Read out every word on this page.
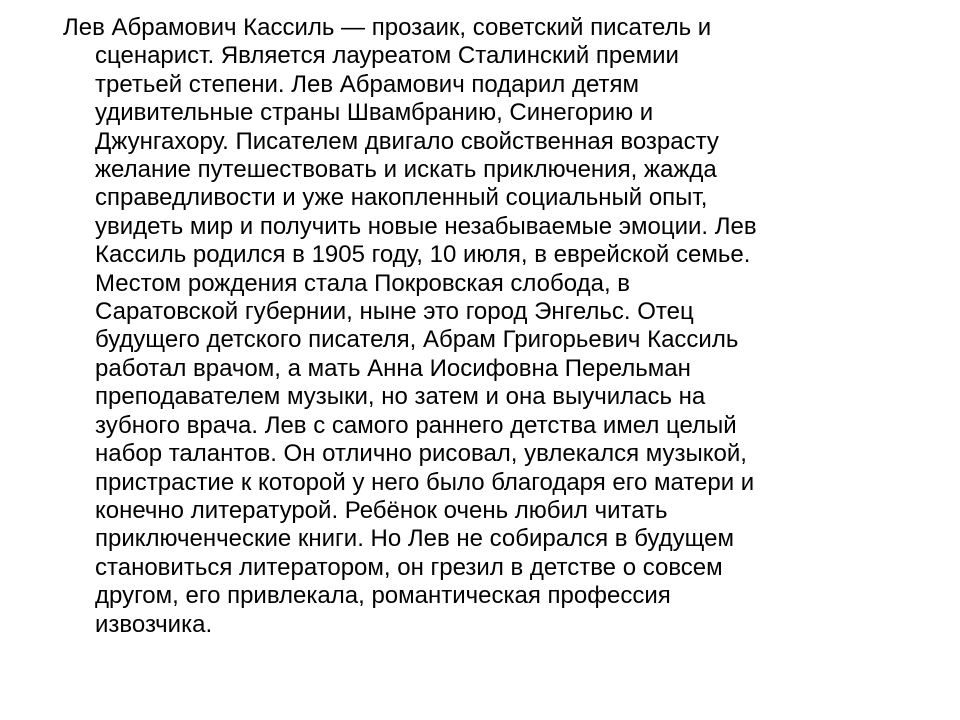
Лев Абрамович Кассиль — прозаик, советский писатель и
сценарист. Является лауреатом Сталинский премии
третьей степени. Лев Абрамович подарил детям
удивительные страны Швамбранию, Синегорию и
Джунгахору. Писателем двигало свойственная возрасту
желание путешествовать и искать приключения, жажда
справедливости и уже накопленный социальный опыт,
увидеть мир и получить новые незабываемые эмоции. Лев
Кассиль родился в 1905 году, 10 июля, в еврейской семье.
Местом рождения стала Покровская слобода, в
Саратовской губернии, ныне это город Энгельс. Отец
будущего детского писателя, Абрам Григорьевич Кассиль
работал врачом, а мать Анна Иосифовна Перельман
преподавателем музыки, но затем и она выучилась на
зубного врача. Лев с самого раннего детства имел целый
набор талантов. Он отлично рисовал, увлекался музыкой,
пристрастие к которой у него было благодаря его матери и
конечно литературой. Ребёнок очень любил читать
приключенческие книги. Но Лев не собирался в будущем
становиться литератором, он грезил в детстве о совсем
другом, его привлекала, романтическая профессия
извозчика.
